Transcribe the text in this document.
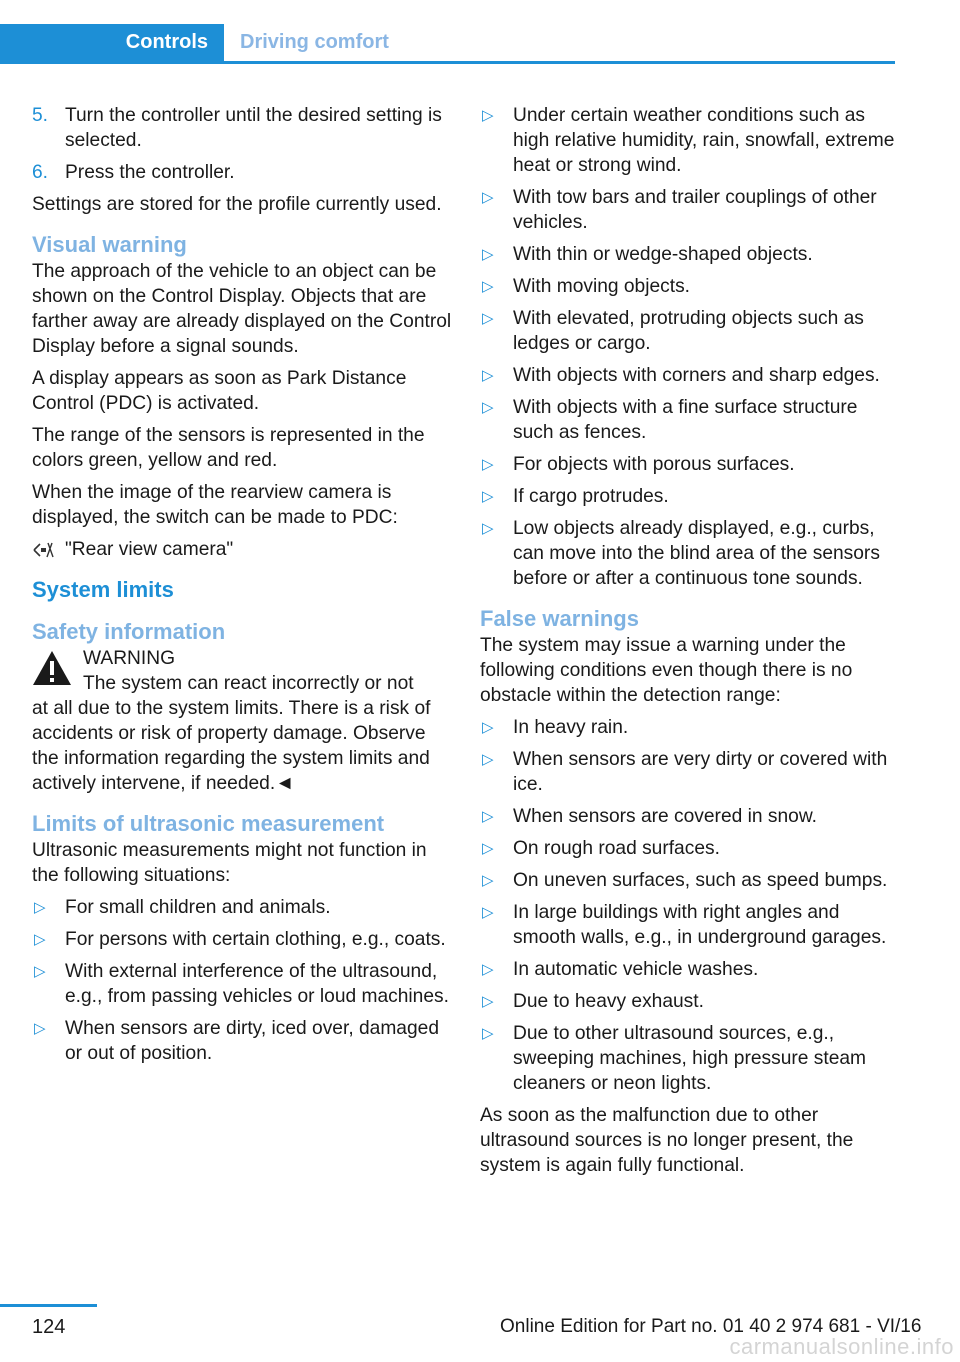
Controls	Driving comfort
5. Turn the controller until the desired setting is selected.
6. Press the controller.

Settings are stored for the profile currently used.

Visual warning

The approach of the vehicle to an object can be shown on the Control Display. Objects that are farther away are already displayed on the Control Display before a signal sounds.

A display appears as soon as Park Distance Control (PDC) is activated.

The range of the sensors is represented in the colors green, yellow and red.

When the image of the rearview camera is displayed, the switch can be made to PDC:

"Rear view camera"
System limits
Safety information
WARNING
The system can react incorrectly or not

at all due to the system limits. There is a risk of accidents or risk of property damage. Observe the information regarding the system limits and actively intervene, if needed.◄

Limits of ultrasonic measurement

Ultrasonic measurements might not function in the following situations:

▷ For small children and animals.
▷ For persons with certain clothing, e.g., coats.
▷ With external interference of the ultrasound, e.g., from passing vehicles or loud machines.
▷ When sensors are dirty, iced over, damaged or out of position.
▷ Under certain weather conditions such as high relative humidity, rain, snowfall, extreme heat or strong wind.
▷ With tow bars and trailer couplings of other vehicles.
▷ With thin or wedge-shaped objects.
▷ With moving objects.
▷ With elevated, protruding objects such as ledges or cargo.
▷ With objects with corners and sharp edges.
▷ With objects with a fine surface structure such as fences.
▷ For objects with porous surfaces.
▷ If cargo protrudes.
▷ Low objects already displayed, e.g., curbs, can move into the blind area of the sensors before or after a continuous tone sounds.
False warnings

The system may issue a warning under the following conditions even though there is no obstacle within the detection range:

▷ In heavy rain.
▷ When sensors are very dirty or covered with ice.
▷ When sensors are covered in snow.
▷ On rough road surfaces.
▷ On uneven surfaces, such as speed bumps.
▷ In large buildings with right angles and smooth walls, e.g., in underground garages.
▷ In automatic vehicle washes.
▷ Due to heavy exhaust.
▷ Due to other ultrasound sources, e.g., sweeping machines, high pressure steam cleaners or neon lights.

As soon as the malfunction due to other ultrasound sources is no longer present, the system is again fully functional.

124	Online Edition for Part no. 01 40 2 974 681 - VI/16
carmanualsonline.info
